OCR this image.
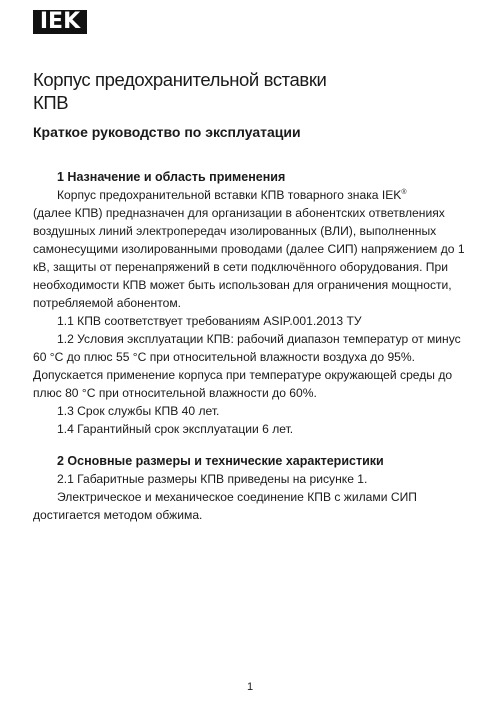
IEK
Корпус предохранительной вставки
КПВ
Краткое руководство по эксплуатации
1 Назначение и область применения
Корпус предохранительной вставки КПВ товарного знака IEK®
(далее КПВ) предназначен для организации в абонентских ответвлениях воздушных линий электропередач изолированных (ВЛИ), выполненных самонесущими изолированными проводами (далее СИП) напряжением до 1 кВ, защиты от перенапряжений в сети подключённого оборудования. При необходимости КПВ может быть использован для ограничения мощности, потребляемой абонентом.
1.1 КПВ соответствует требованиям ASIP.001.2013 ТУ
1.2 Условия эксплуатации КПВ: рабочий диапазон температур от минус 60 °С до плюс 55 °С при относительной влажности воздуха до 95%. Допускается применение корпуса при температуре окружающей среды до плюс 80 °С при относительной влажности до 60%.
1.3 Срок службы КПВ 40 лет.
1.4 Гарантийный срок эксплуатации 6 лет.
2 Основные размеры и технические характеристики
2.1 Габаритные размеры КПВ приведены на рисунке 1.
Электрическое и механическое соединение КПВ с жилами СИП достигается методом обжима.
1
